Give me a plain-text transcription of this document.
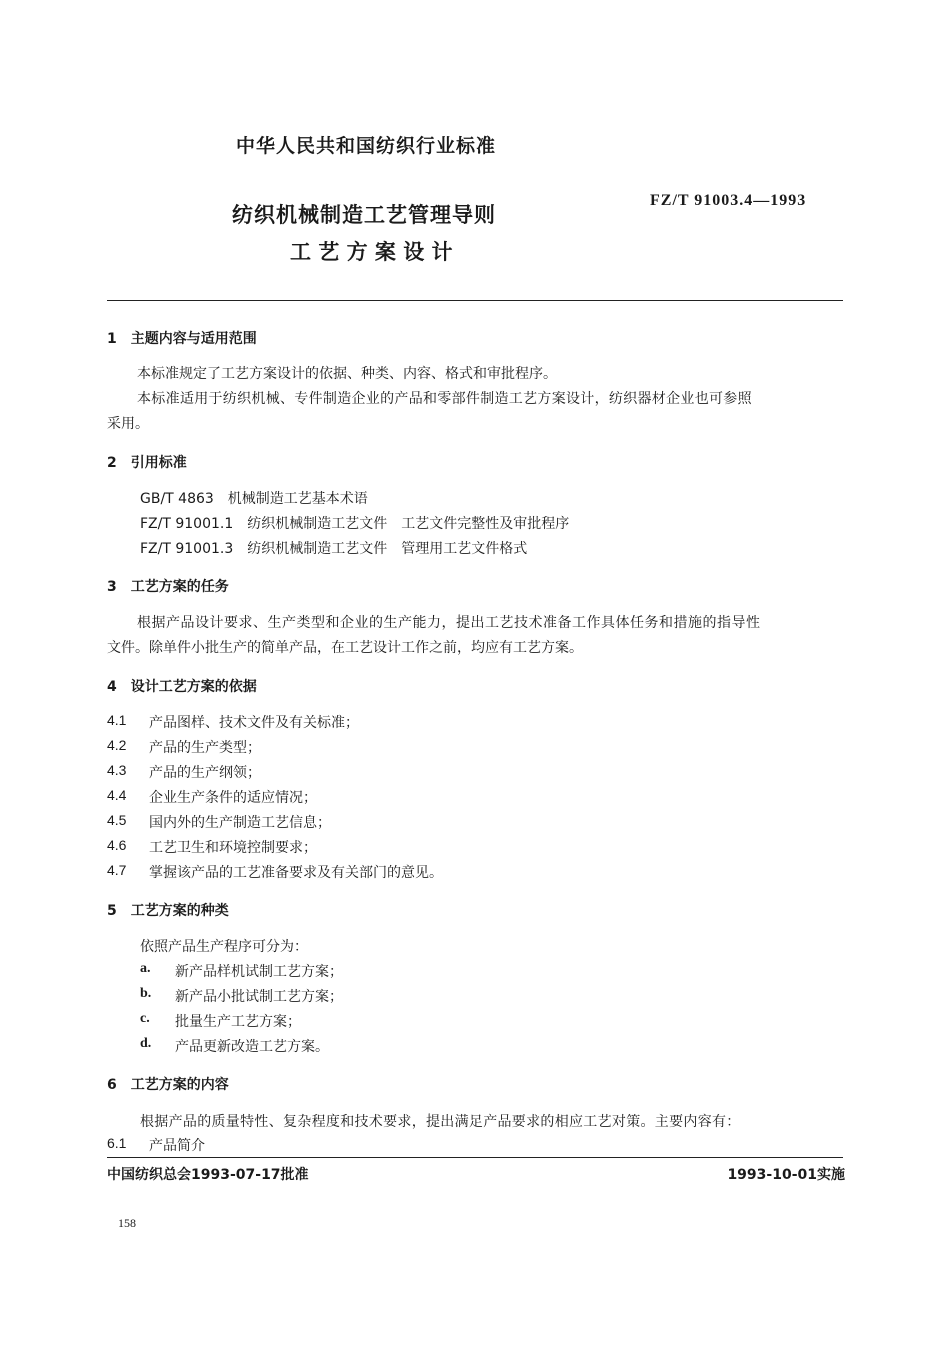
中华人民共和国纺织行业标准
纺织机械制造工艺管理导则
工 艺 方 案 设 计
FZ/T 91003.4—1993
1　主题内容与适用范围
本标准规定了工艺方案设计的依据、种类、内容、格式和审批程序。
本标准适用于纺织机械、专件制造企业的产品和零部件制造工艺方案设计，纺织器材企业也可参照
采用。
2　引用标准
GB/T 4863　机械制造工艺基本术语
FZ/T 91001.1　纺织机械制造工艺文件　工艺文件完整性及审批程序
FZ/T 91001.3　纺织机械制造工艺文件　管理用工艺文件格式
3　工艺方案的任务
根据产品设计要求、生产类型和企业的生产能力，提出工艺技术准备工作具体任务和措施的指导性
文件。除单件小批生产的简单产品，在工艺设计工作之前，均应有工艺方案。
4　设计工艺方案的依据
4.1 产品图样、技术文件及有关标准；
4.2 产品的生产类型；
4.3 产品的生产纲领；
4.4 企业生产条件的适应情况；
4.5 国内外的生产制造工艺信息；
4.6 工艺卫生和环境控制要求；
4.7 掌握该产品的工艺准备要求及有关部门的意见。
5　工艺方案的种类
依照产品生产程序可分为：
a. 新产品样机试制工艺方案；
b. 新产品小批试制工艺方案；
c. 批量生产工艺方案；
d. 产品更新改造工艺方案。
6　工艺方案的内容
根据产品的质量特性、复杂程度和技术要求，提出满足产品要求的相应工艺对策。主要内容有：
6.1 产品简介
中国纺织总会1993-07-17批准	1993-10-01实施
158
